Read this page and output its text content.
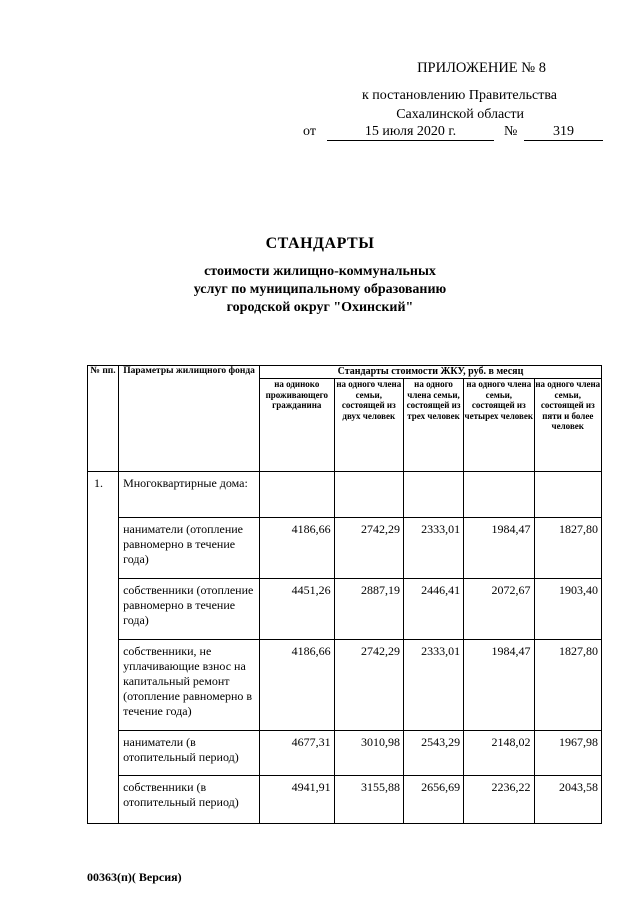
ПРИЛОЖЕНИЕ № 8
к постановлению Правительства
Сахалинской области
от	15 июля 2020 г.	№	319
СТАНДАРТЫ
стоимости жилищно-коммунальных
услуг по муниципальному образованию
городской округ "Охинский"
№ пп.	Параметры жилищного фонда	Стандарты стоимости ЖКУ, руб. в месяц				
		на одиноко проживающего гражданина	на одного члена семьи, состоящей из двух человек	на одного члена семьи, состоящей из трех человек	на одного члена семьи, состоящей из четырех человек	на одного члена семьи, состоящей из пяти и более человек
1.	Многоквартирные дома:					
	наниматели (отопление равномерно в течение года)	4186,66	2742,29	2333,01	1984,47	1827,80
	собственники (отопление равномерно в течение года)	4451,26	2887,19	2446,41	2072,67	1903,40
	собственники, не уплачивающие взнос на капитальный ремонт (отопление равномерно в течение года)	4186,66	2742,29	2333,01	1984,47	1827,80
	наниматели (в отопительный период)	4677,31	3010,98	2543,29	2148,02	1967,98
	собственники (в отопительный период)	4941,91	3155,88	2656,69	2236,22	2043,58
00363(п)( Версия)
